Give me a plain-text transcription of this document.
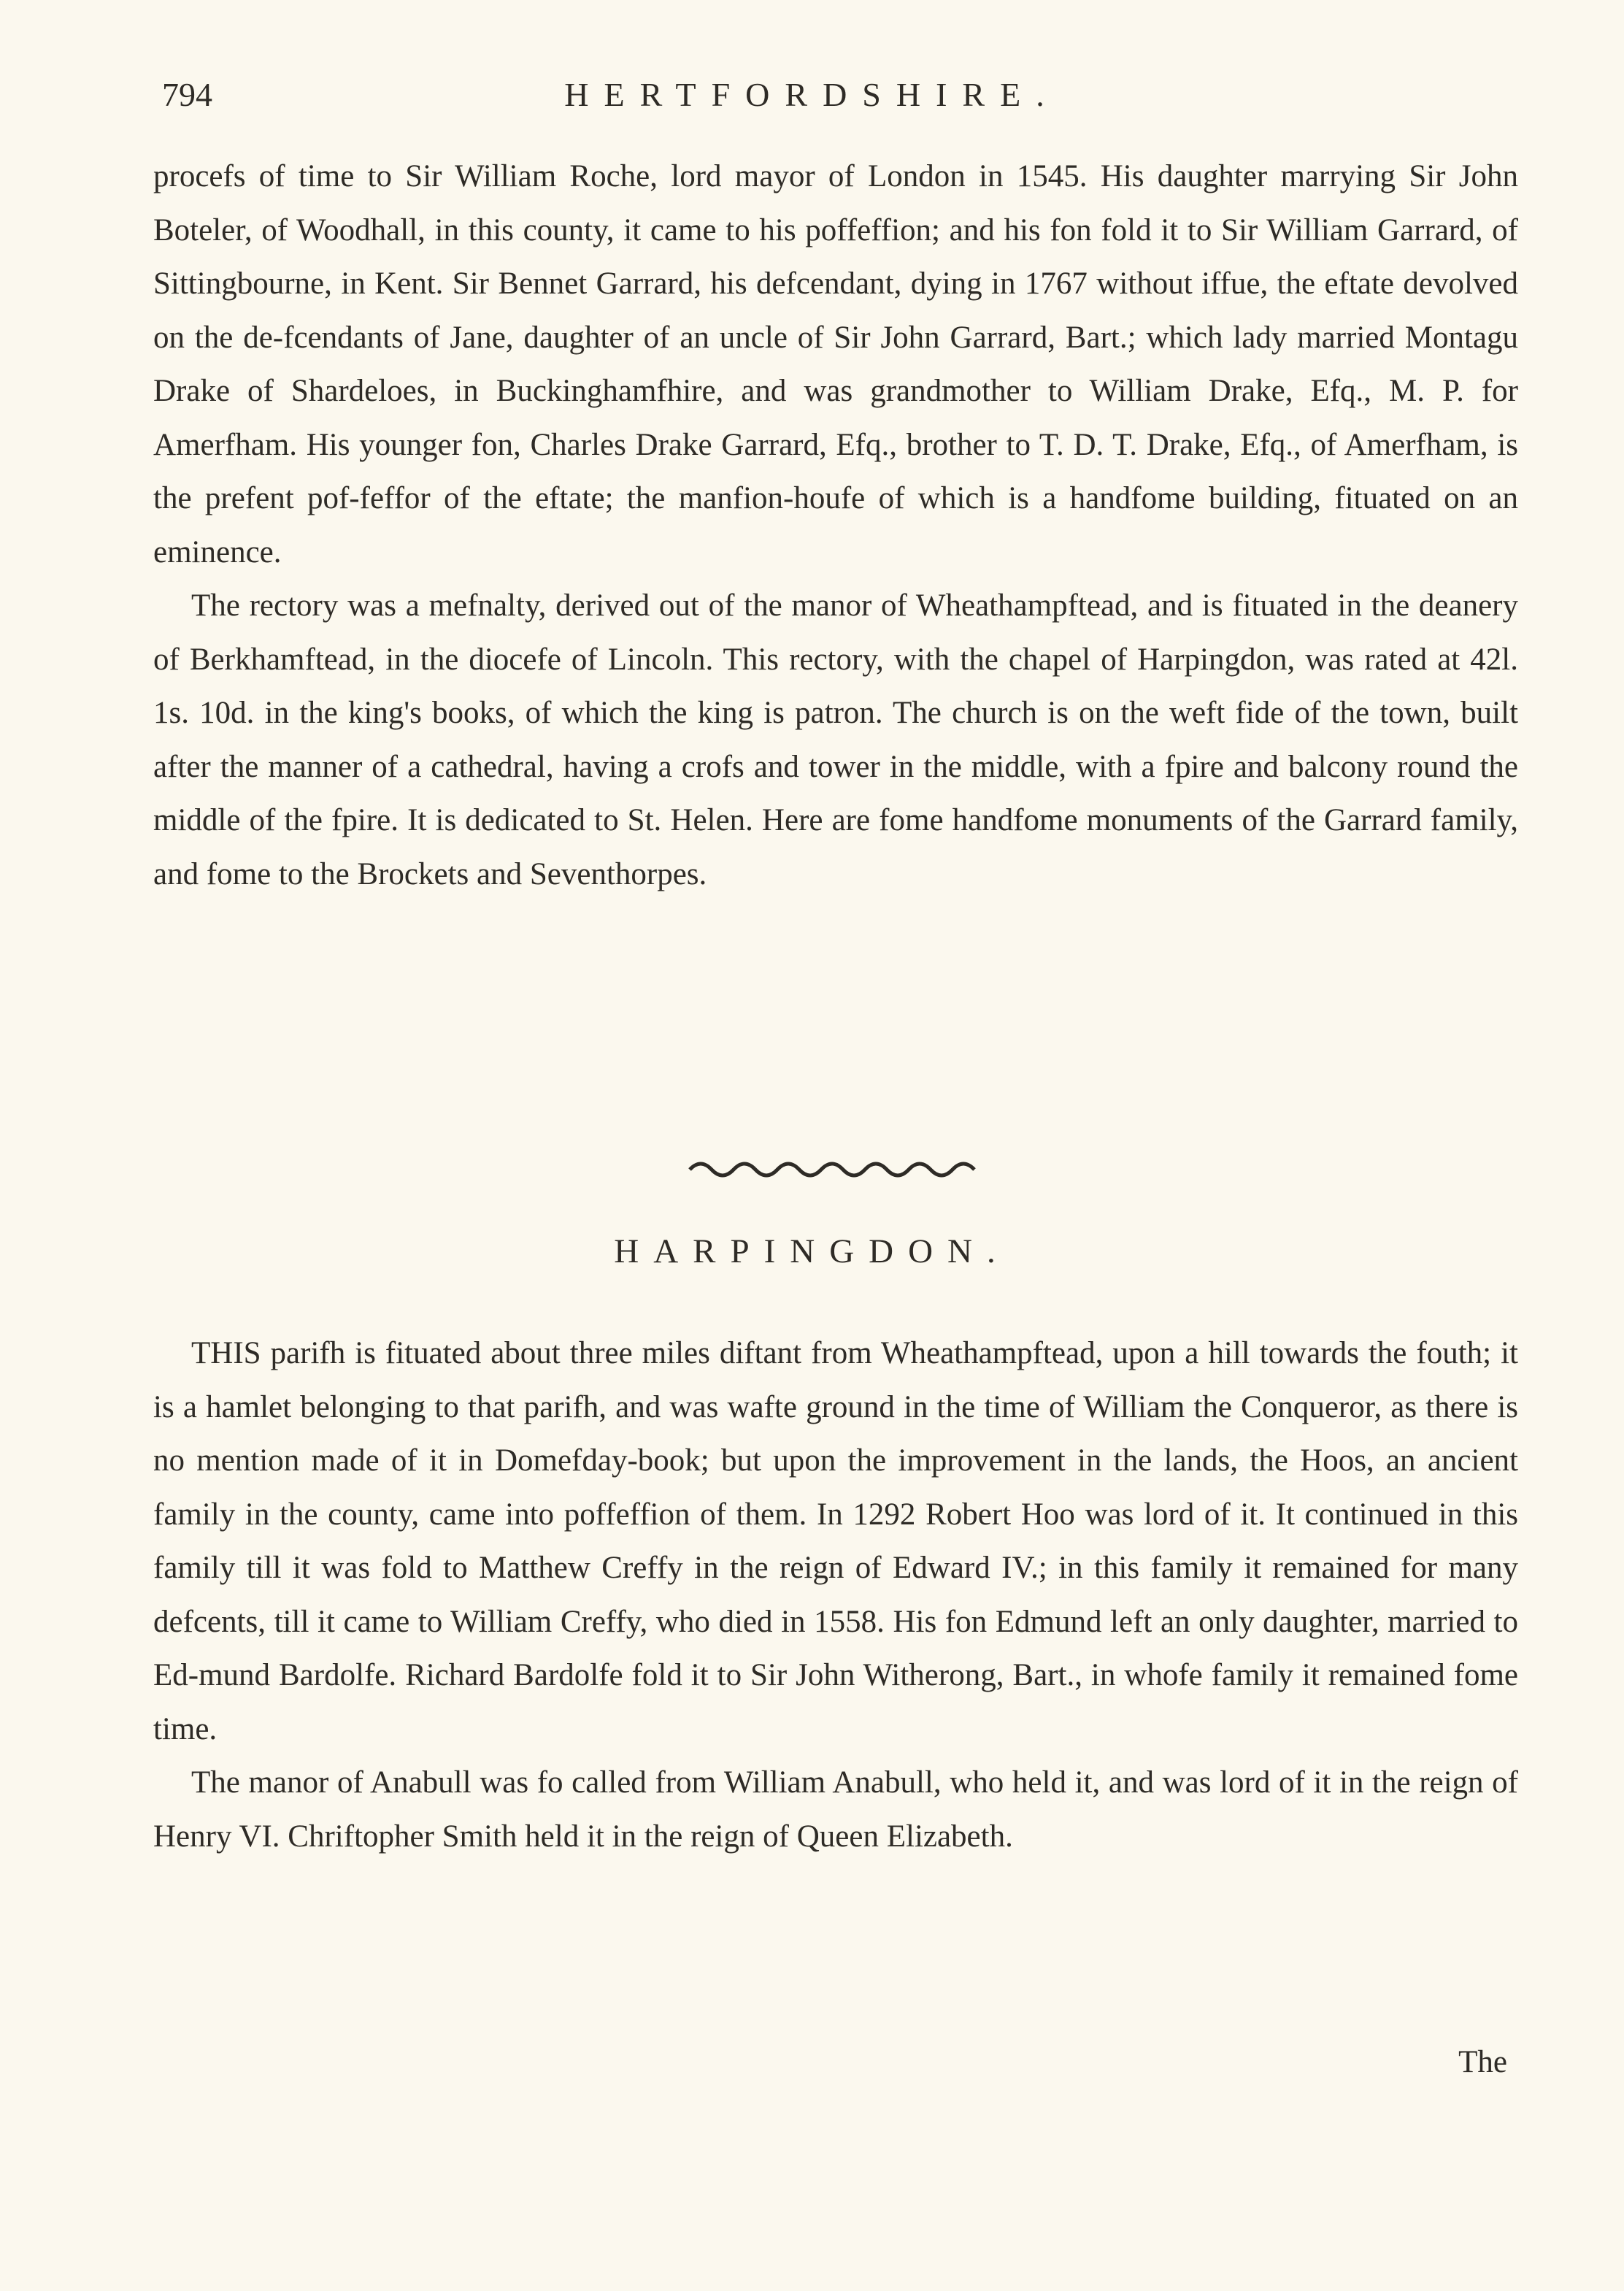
794	HERTFORDSHIRE.

procefs of time to Sir William Roche, lord mayor of London in 1545. His daughter marrying Sir John Boteler, of Woodhall, in this county, it came to his poffeffion; and his fon fold it to Sir William Garrard, of Sittingbourne, in Kent. Sir Bennet Garrard, his defcendant, dying in 1767 without iffue, the eftate devolved on the de-fcendants of Jane, daughter of an uncle of Sir John Garrard, Bart.; which lady married Montagu Drake of Shardeloes, in Buckinghamfhire, and was grandmother to William Drake, Efq., M. P. for Amerfham. His younger fon, Charles Drake Garrard, Efq., brother to T. D. T. Drake, Efq., of Amerfham, is the prefent pof-feffor of the eftate; the manfion-houfe of which is a handfome building, fituated on an eminence.

The rectory was a mefnalty, derived out of the manor of Wheathampftead, and is fituated in the deanery of Berkhamftead, in the diocefe of Lincoln. This rectory, with the chapel of Harpingdon, was rated at 42l. 1s. 10d. in the king's books, of which the king is patron. The church is on the weft fide of the town, built after the manner of a cathedral, having a crofs and tower in the middle, with a fpire and balcony round the middle of the fpire. It is dedicated to St. Helen. Here are fome handfome monuments of the Garrard family, and fome to the Brockets and Seventhorpes.

HARPINGDON.

THIS parifh is fituated about three miles diftant from Wheathampftead, upon a hill towards the fouth; it is a hamlet belonging to that parifh, and was wafte ground in the time of William the Conqueror, as there is no mention made of it in Domefday-book; but upon the improvement in the lands, the Hoos, an ancient family in the county, came into poffeffion of them. In 1292 Robert Hoo was lord of it. It continued in this family till it was fold to Matthew Creffy in the reign of Edward IV.; in this family it remained for many defcents, till it came to William Creffy, who died in 1558. His fon Edmund left an only daughter, married to Ed-mund Bardolfe. Richard Bardolfe fold it to Sir John Witherong, Bart., in whofe family it remained fome time.

The manor of Anabull was fo called from William Anabull, who held it, and was lord of it in the reign of Henry VI. Chriftopher Smith held it in the reign of Queen Elizabeth.

The
